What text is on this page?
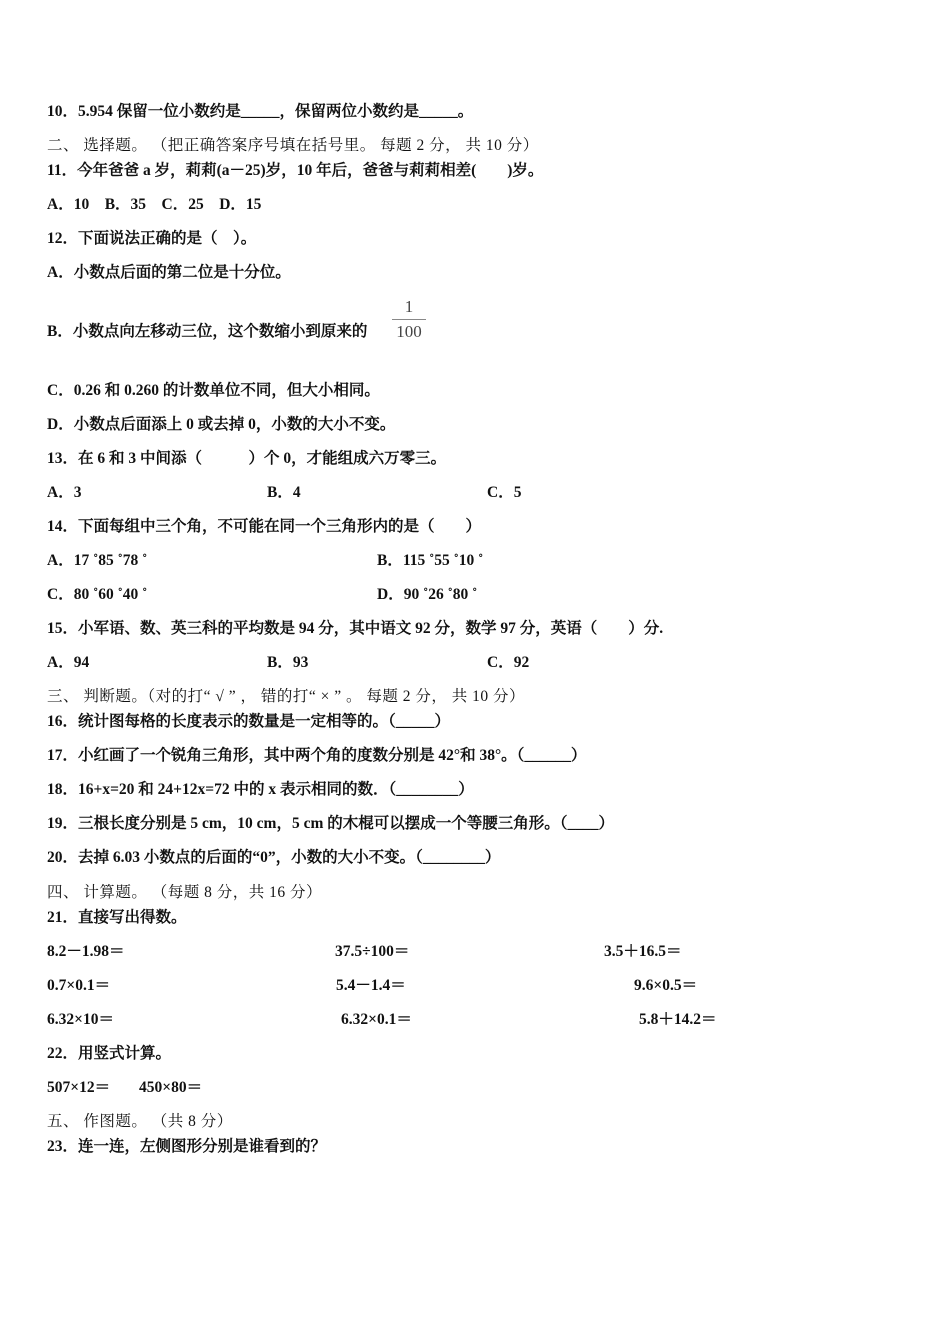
10．5.954 保留一位小数约是_____，保留两位小数约是_____。
二、 选择题。 （把正确答案序号填在括号里。 每题 2 分， 共 10 分）
11．今年爸爸 a 岁，莉莉(a－25)岁，10 年后，爸爸与莉莉相差(　　)岁。
A．10　B．35　C．25　D．15
12．下面说法正确的是（　）。
A．小数点后面的第二位是十分位。
B．小数点向左移动三位，这个数缩小到原来的
1
100
C．0.26 和 0.260 的计数单位不同，但大小相同。
D．小数点后面添上 0 或去掉 0，小数的大小不变。
13．在 6 和 3 中间添（　　　）个 0，才能组成六万零三。
A．3	B．4	C．5
14．下面每组中三个角，不可能在同一个三角形内的是（　　）
A．17 ˚85 ˚78 ˚	B．115 ˚55 ˚10 ˚
C．80 ˚60 ˚40 ˚	D．90 ˚26 ˚80 ˚
15．小军语、数、英三科的平均数是 94 分，其中语文 92 分，数学 97 分，英语（　　）分.
A．94	B．93	C．92
三、 判断题。（对的打“ √ ” ， 错的打“ × ” 。 每题 2 分， 共 10 分）
16．统计图每格的长度表示的数量是一定相等的。（_____）
17．小红画了一个锐角三角形，其中两个角的度数分别是 42°和 38°。（______）
18．16+x=20 和 24+12x=72 中的 x 表示相同的数．（________）
19．三根长度分别是 5 cm，10 cm，5 cm 的木棍可以摆成一个等腰三角形。（____）
20．去掉 6.03 小数点的后面的“0”，小数的大小不变。（________）
四、 计算题。 （每题 8 分，共 16 分）
21．直接写出得数。
8.2－1.98＝	37.5÷100＝	3.5＋16.5＝
0.7×0.1＝	5.4－1.4＝	9.6×0.5＝
6.32×10＝	6.32×0.1＝	5.8＋14.2＝
22．用竖式计算。
507×12＝ 450×80＝
五、 作图题。 （共 8 分）
23．连一连，左侧图形分别是谁看到的？
